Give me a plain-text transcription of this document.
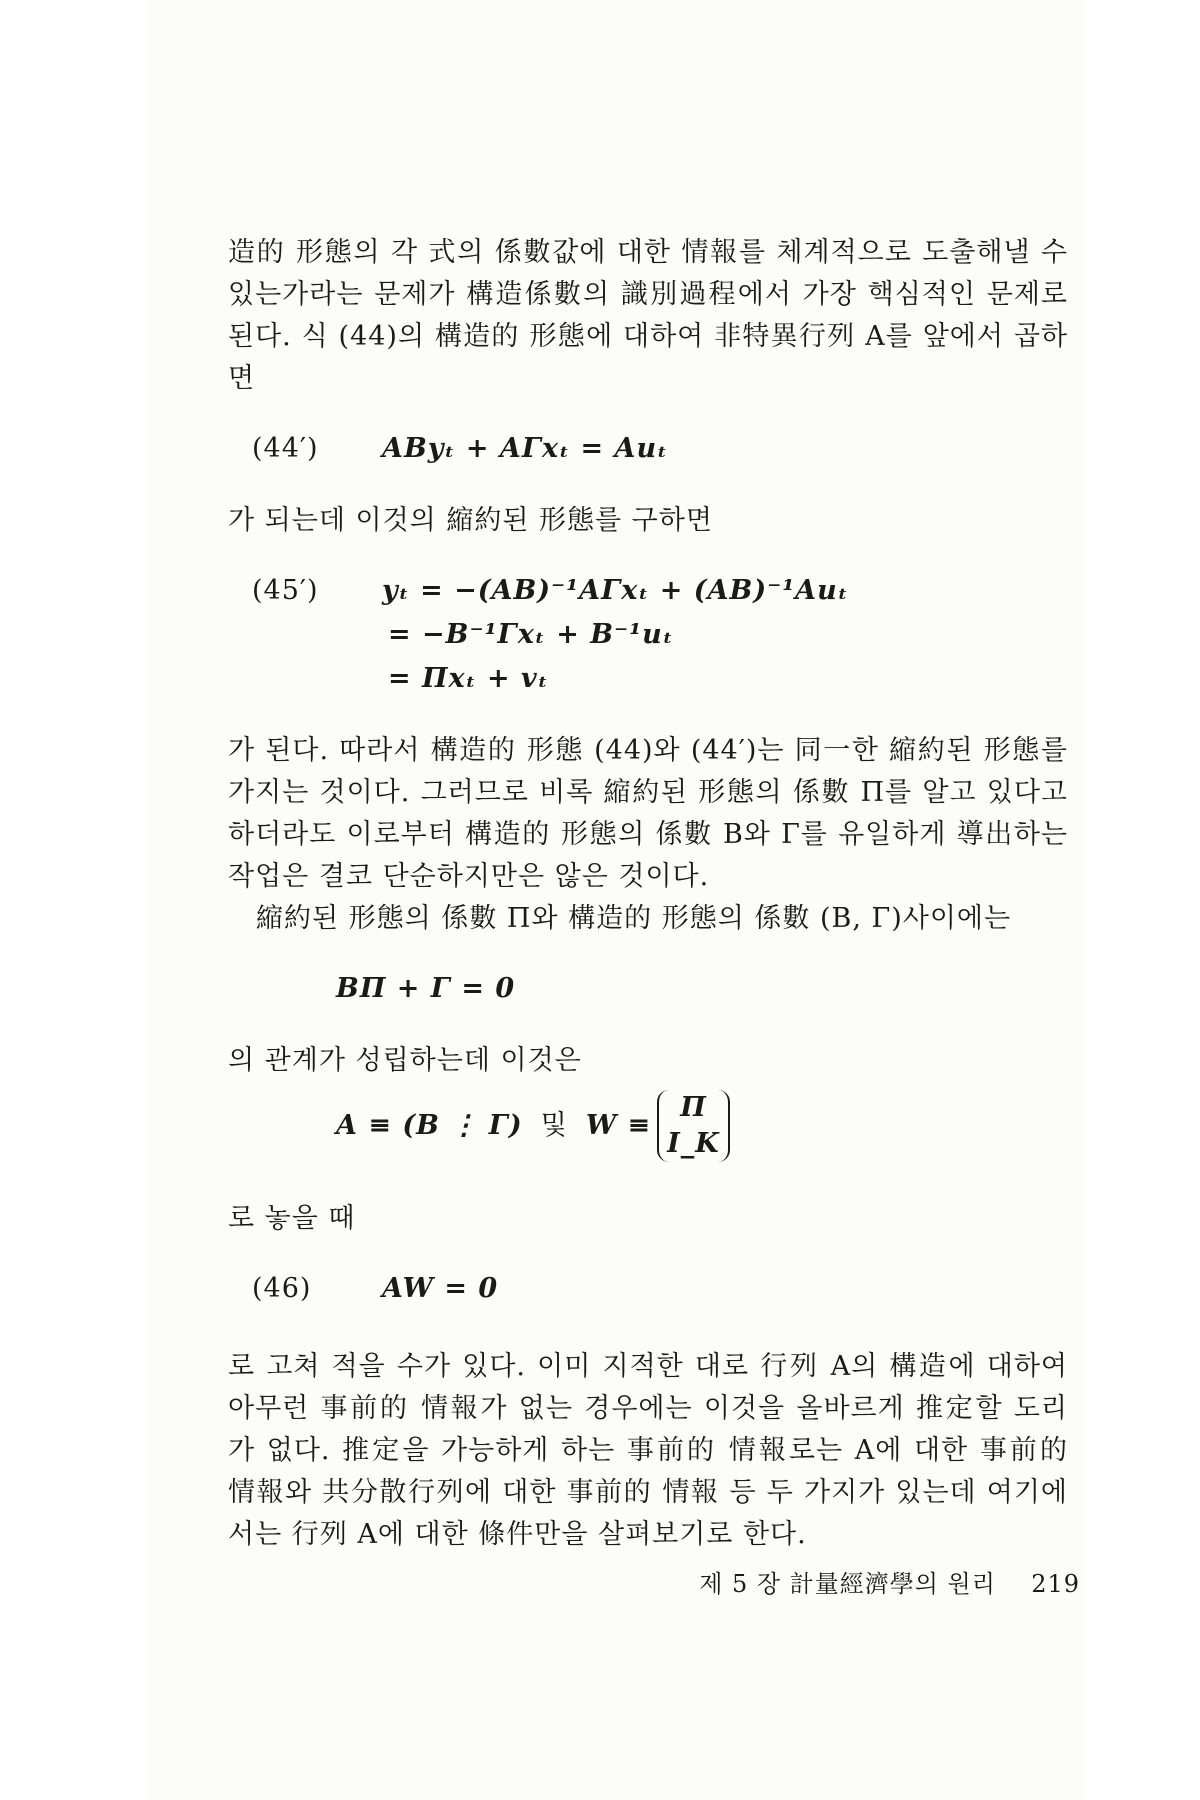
造的 形態의 각 式의 係數값에 대한 情報를 체계적으로 도출해낼 수 있는가라는 문제가 構造係數의 識別過程에서 가장 핵심적인 문제로 된다. 식 (44)의 構造的 形態에 대하여 非特異行列 A를 앞에서 곱하면

(44′)	AByₜ + AΓxₜ = Auₜ

가 되는데 이것의 縮約된 形態를 구하면

(45′)	yₜ = −(AB)⁻¹AΓxₜ + (AB)⁻¹Auₜ
= −B⁻¹Γxₜ + B⁻¹uₜ
= Πxₜ + vₜ

가 된다. 따라서 構造的 形態 (44)와 (44′)는 同一한 縮約된 形態를 가지는 것이다. 그러므로 비록 縮約된 形態의 係數 Π를 알고 있다고 하더라도 이로부터 構造的 形態의 係數 B와 Γ를 유일하게 導出하는 작업은 결코 단순하지만은 않은 것이다.

縮約된 形態의 係數 Π와 構造的 形態의 係數 (B, Γ)사이에는

BΠ + Γ = 0

의 관계가 성립하는데 이것은

A ≡ (B ⋮ Γ) 및 W ≡
Π
I_K

로 놓을 때

(46)	AW = 0

로 고쳐 적을 수가 있다. 이미 지적한 대로 行列 A의 構造에 대하여 아무런 事前的 情報가 없는 경우에는 이것을 올바르게 推定할 도리가 없다. 推定을 가능하게 하는 事前的 情報로는 A에 대한 事前的 情報와 共分散行列에 대한 事前的 情報 등 두 가지가 있는데 여기에서는 行列 A에 대한 條件만을 살펴보기로 한다.

제 5 장 計量經濟學의 원리 219
